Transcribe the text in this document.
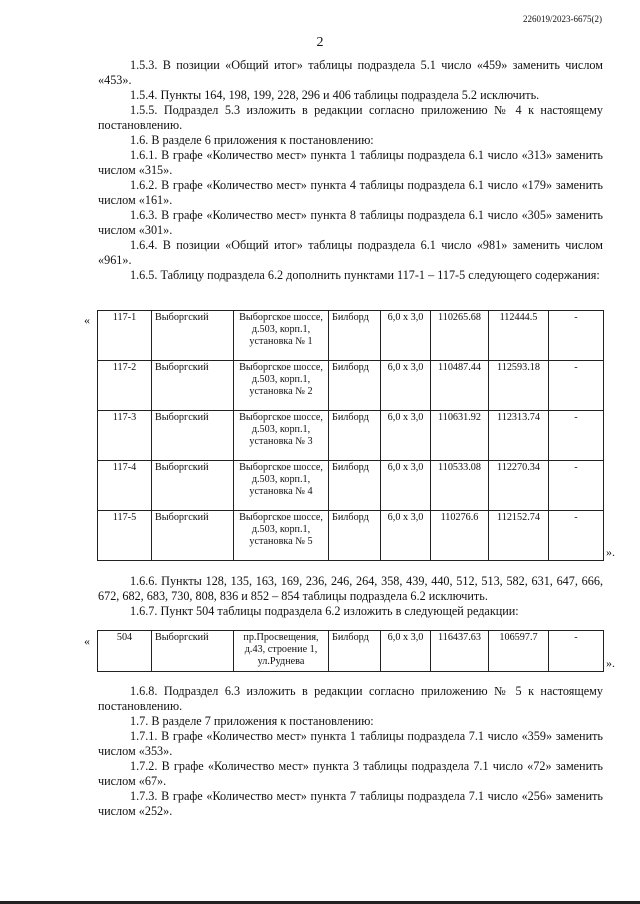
226019/2023-6675(2)
2

1.5.3. В позиции «Общий итог» таблицы подраздела 5.1 число «459» заменить числом «453».

1.5.4. Пункты 164, 198, 199, 228, 296 и 406 таблицы подраздела 5.2 исключить.

1.5.5. Подраздел 5.3 изложить в редакции согласно приложению № 4 к настоящему постановлению.

1.6. В разделе 6 приложения к постановлению:

1.6.1. В графе «Количество мест» пункта 1 таблицы подраздела 6.1 число «313» заменить числом «315».

1.6.2. В графе «Количество мест» пункта 4 таблицы подраздела 6.1 число «179» заменить числом «161».

1.6.3. В графе «Количество мест» пункта 8 таблицы подраздела 6.1 число «305» заменить числом «301».

1.6.4. В позиции «Общий итог» таблицы подраздела 6.1 число «981» заменить числом «961».

1.6.5. Таблицу подраздела 6.2 дополнить пунктами 117-1 – 117-5 следующего содержания:

« 117-1	Выборгский	Выборгское шоссе, д.503, корп.1, установка № 1	Билборд	6,0 х 3,0	110265.68	112444.5	-
117-2	Выборгский	Выборгское шоссе, д.503, корп.1, установка № 2	Билборд	6,0 х 3,0	110487.44	112593.18	-
117-3	Выборгский	Выборгское шоссе, д.503, корп.1, установка № 3	Билборд	6,0 х 3,0	110631.92	112313.74	-
117-4	Выборгский	Выборгское шоссе, д.503, корп.1, установка № 4	Билборд	6,0 х 3,0	110533.08	112270.34	-
117-5	Выборгский	Выборгское шоссе, д.503, корп.1, установка № 5	Билборд	6,0 х 3,0	110276.6	112152.74	-
».

1.6.6. Пункты 128, 135, 163, 169, 236, 246, 264, 358, 439, 440, 512, 513, 582, 631, 647, 666, 672, 682, 683, 730, 808, 836 и 852 – 854 таблицы подраздела 6.2 исключить.

1.6.7. Пункт 504 таблицы подраздела 6.2 изложить в следующей редакции:

«	504	Выборгский	пр.Просвещения, д.43, строение 1, ул.Руднева	Билборд	6,0 х 3,0	116437.63	106597.7	-
».

1.6.8. Подраздел 6.3 изложить в редакции согласно приложению № 5 к настоящему постановлению.

1.7. В разделе 7 приложения к постановлению:

1.7.1. В графе «Количество мест» пункта 1 таблицы подраздела 7.1 число «359» заменить числом «353».

1.7.2. В графе «Количество мест» пункта 3 таблицы подраздела 7.1 число «72» заменить числом «67».

1.7.3. В графе «Количество мест» пункта 7 таблицы подраздела 7.1 число «256» заменить числом «252».
